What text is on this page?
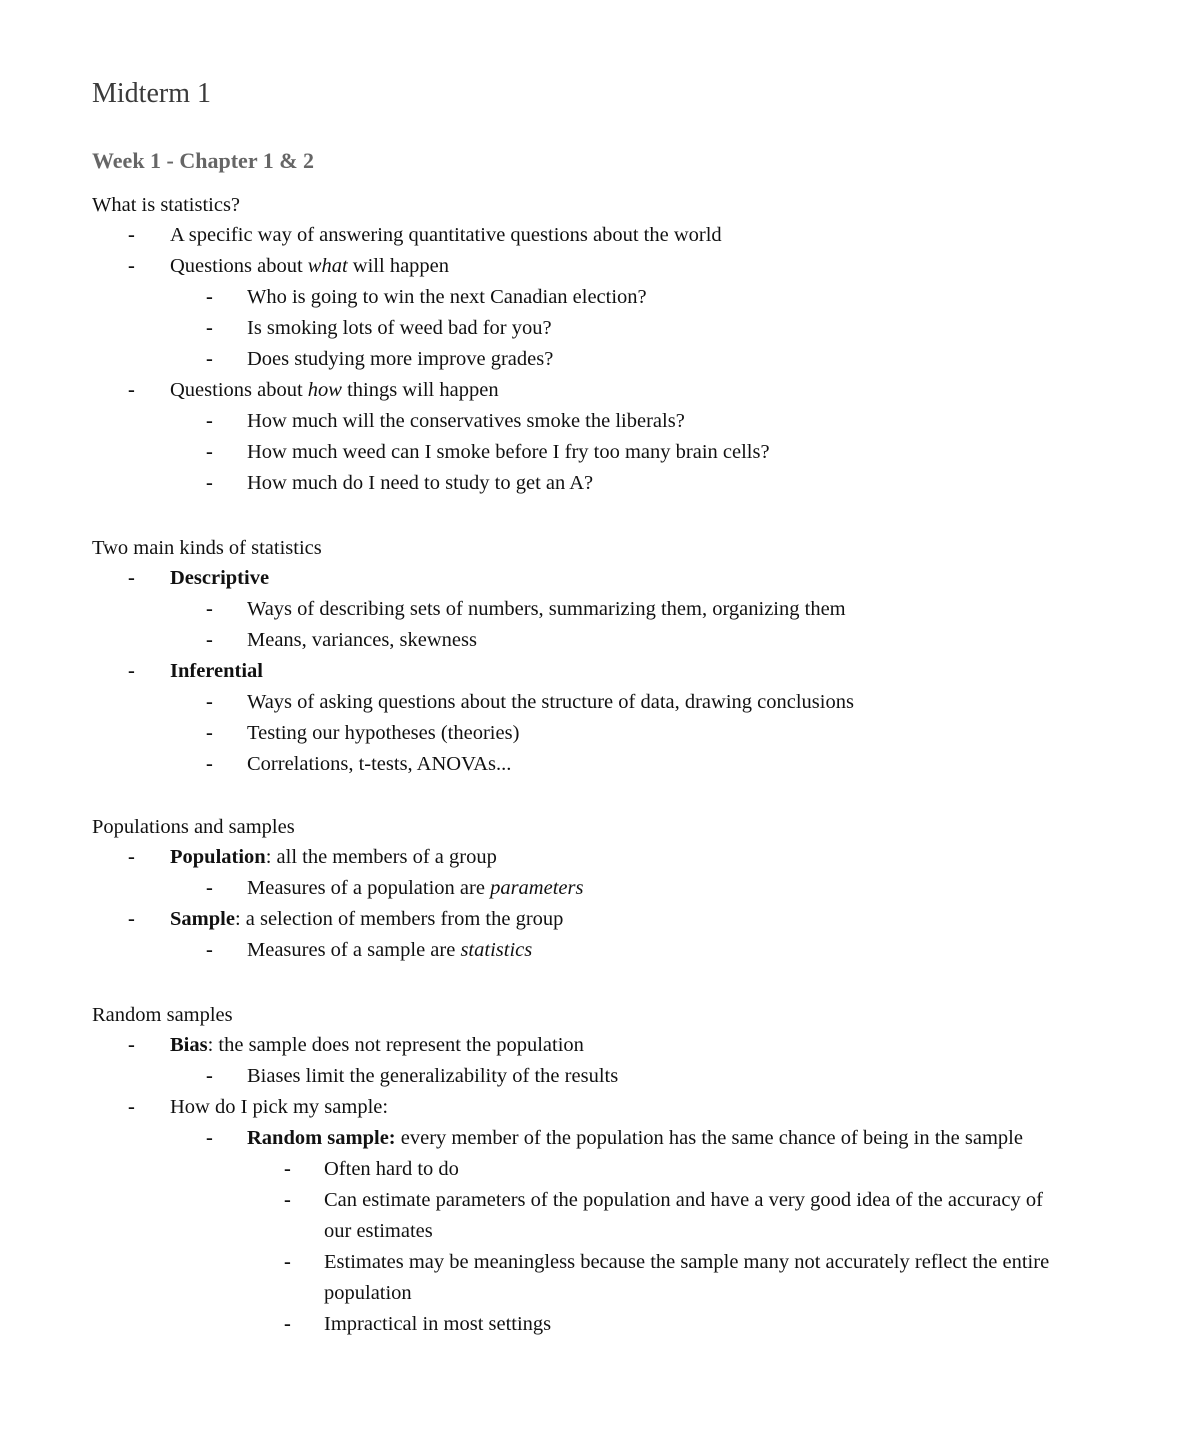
Midterm 1
Week 1 - Chapter 1 & 2

What is statistics?

- A specific way of answering quantitative questions about the world
- Questions about what will happen
- Who is going to win the next Canadian election?
- Is smoking lots of weed bad for you?
- Does studying more improve grades?
- Questions about how things will happen
- How much will the conservatives smoke the liberals?
- How much weed can I smoke before I fry too many brain cells?
- How much do I need to study to get an A?

Two main kinds of statistics

- Descriptive
- Ways of describing sets of numbers, summarizing them, organizing them
- Means, variances, skewness
- Inferential
- Ways of asking questions about the structure of data, drawing conclusions
- Testing our hypotheses (theories)
- Correlations, t-tests, ANOVAs...

Populations and samples

- Population: all the members of a group
- Measures of a population are parameters
- Sample: a selection of members from the group
- Measures of a sample are statistics

Random samples

- Bias: the sample does not represent the population
- Biases limit the generalizability of the results
- How do I pick my sample:
- Random sample: every member of the population has the same chance of being in the sample
- Often hard to do
- Can estimate parameters of the population and have a very good idea of the accuracy of our estimates
- Estimates may be meaningless because the sample many not accurately reflect the entire population
- Impractical in most settings
